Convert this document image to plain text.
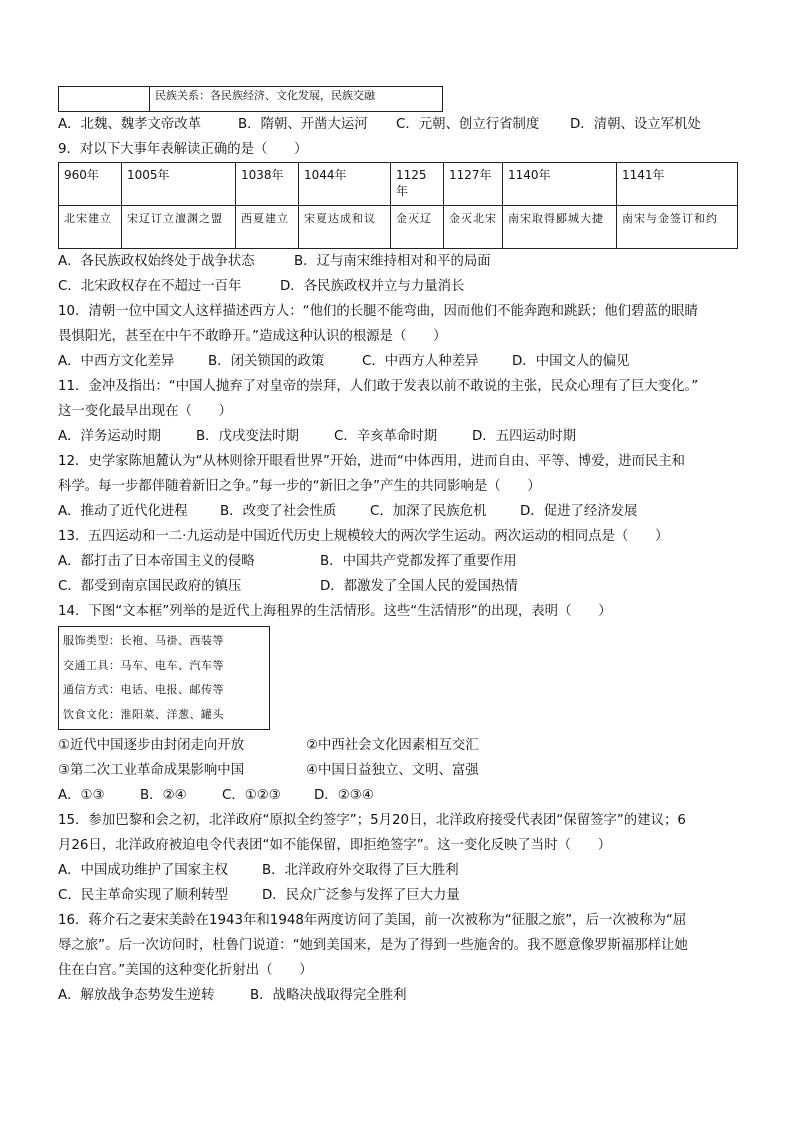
	民族关系：各民族经济、文化发展，民族交融
A．北魏、魏孝文帝改革	B．隋朝、开凿大运河	C．元朝、创立行省制度	D．清朝、设立军机处
9．对以下大事年表解读正确的是（　　）
960年	1005年	1038年	1044年	1125年	1127年	1140年	1141年
北宋建立	宋辽订立澶渊之盟	西夏建立	宋夏达成和议	金灭辽	金灭北宋	南宋取得郾城大捷	南宋与金签订和约
A．各民族政权始终处于战争状态	B．辽与南宋维持相对和平的局面
C．北宋政权存在不超过一百年	D．各民族政权并立与力量消长
10．清朝一位中国文人这样描述西方人：“他们的长腿不能弯曲，因而他们不能奔跑和跳跃；他们碧蓝的眼睛
畏惧阳光，甚至在中午不敢睁开。”造成这种认识的根源是（　　）
A．中西方文化差异	B．闭关锁国的政策	C．中西方人种差异	D．中国文人的偏见
11．金冲及指出：“中国人抛弃了对皇帝的崇拜，人们敢于发表以前不敢说的主张，民众心理有了巨大变化。”
这一变化最早出现在（　　）
A．洋务运动时期	B．戊戌变法时期	C．辛亥革命时期	D．五四运动时期
12．史学家陈旭麓认为“从林则徐开眼看世界”开始，进而“中体西用，进而自由、平等、博爱，进而民主和
科学。每一步都伴随着新旧之争。”每一步的“新旧之争”产生的共同影响是（　　）
A．推动了近代化进程	B．改变了社会性质	C．加深了民族危机	D．促进了经济发展
13．五四运动和一二·九运动是中国近代历史上规模较大的两次学生运动。两次运动的相同点是（　　）
A．都打击了日本帝国主义的侵略	B．中国共产党都发挥了重要作用
C．都受到南京国民政府的镇压	D．都激发了全国人民的爱国热情
14．下图“文本框”列举的是近代上海租界的生活情形。这些“生活情形”的出现，表明（　　）
服饰类型：长袍、马褂、西装等
交通工具：马车、电车、汽车等
通信方式：电话、电报、邮传等
饮食文化：淮阳菜、洋葱、罐头
①近代中国逐步由封闭走向开放	②中西社会文化因素相互交汇
③第二次工业革命成果影响中国	④中国日益独立、文明、富强
A．①③	B．②④	C．①②③	D．②③④
15．参加巴黎和会之初，北洋政府“原拟全约签字”；5月20日，北洋政府接受代表团“保留签字”的建议；6
月26日，北洋政府被迫电令代表团“如不能保留，即拒绝签字”。这一变化反映了当时（　　）
A．中国成功维护了国家主权	B．北洋政府外交取得了巨大胜利
C．民主革命实现了顺利转型	D．民众广泛参与发挥了巨大力量
16．蒋介石之妻宋美龄在1943年和1948年两度访问了美国，前一次被称为“征服之旅”，后一次被称为“屈
辱之旅”。后一次访问时，杜鲁门说道：“她到美国来，是为了得到一些施舍的。我不愿意像罗斯福那样让她
住在白宫。”美国的这种变化折射出（　　）
A．解放战争态势发生逆转	B．战略决战取得完全胜利
